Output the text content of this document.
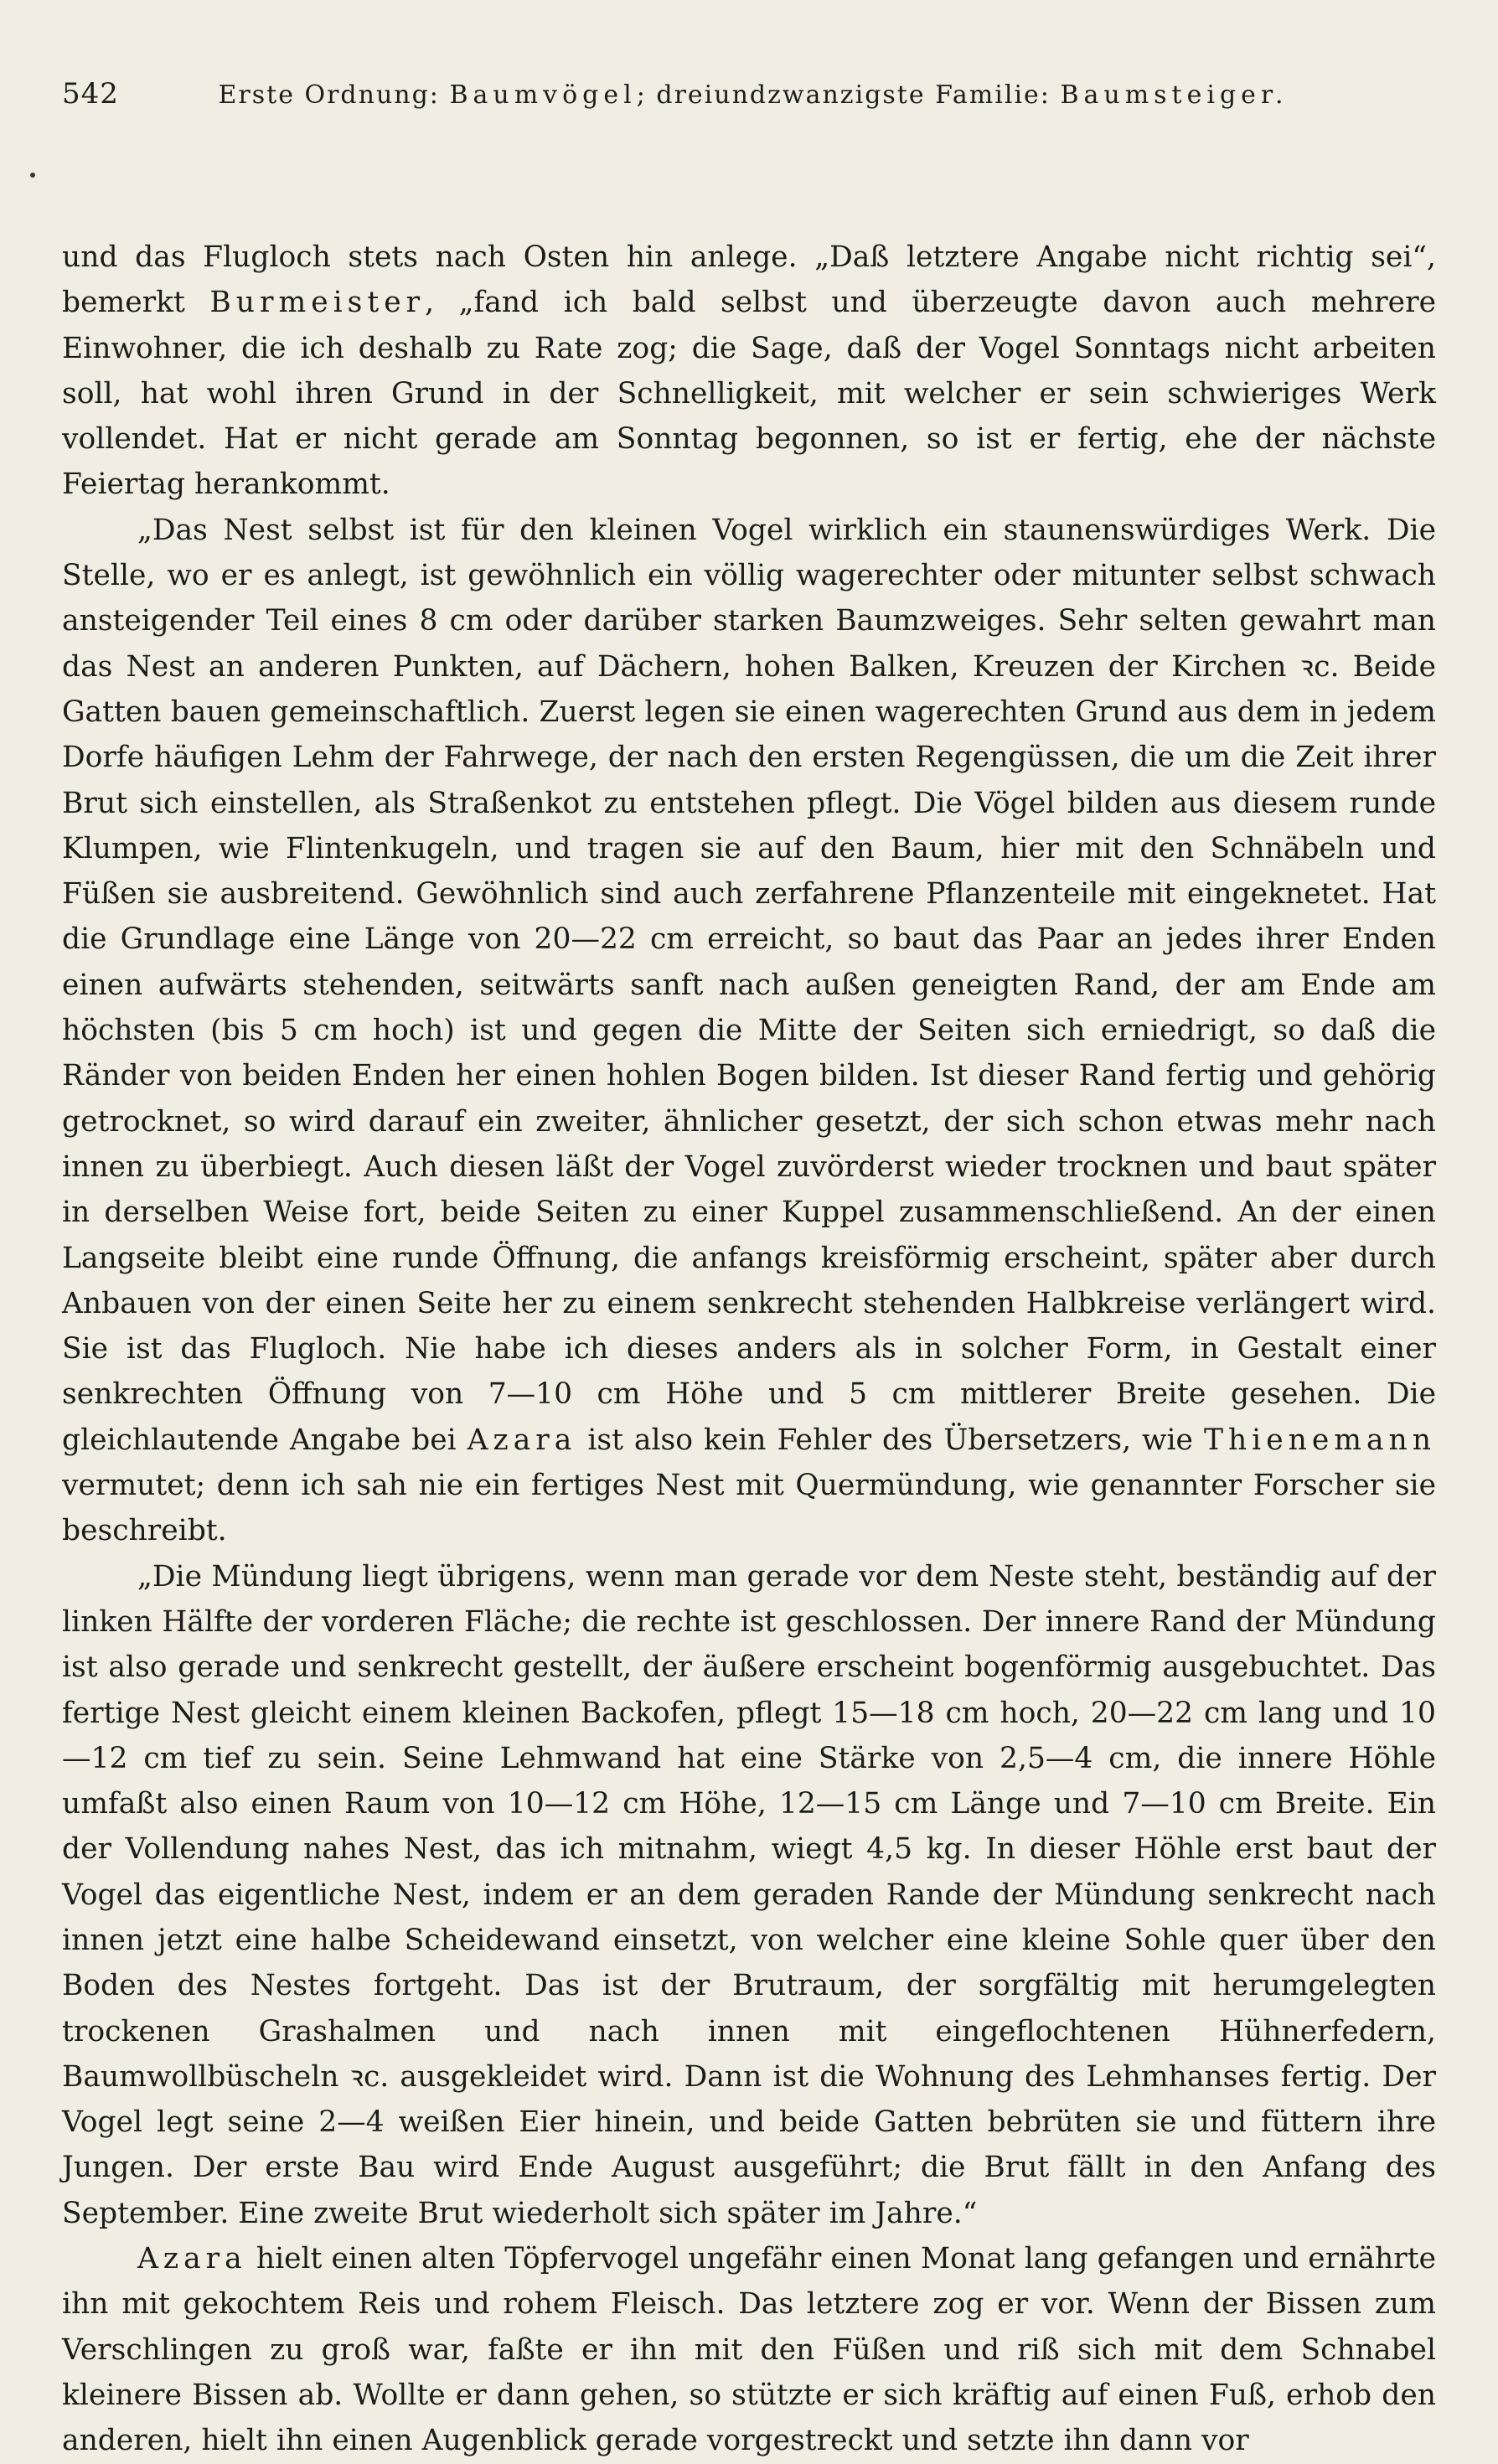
542	Erste Ordnung: Baumvögel; dreiundzwanzigste Familie: Baumsteiger.

und das Flugloch stets nach Osten hin anlege. „Daß letztere Angabe nicht richtig sei“, bemerkt Burmeister, „fand ich bald selbst und überzeugte davon auch mehrere Einwohner, die ich deshalb zu Rate zog; die Sage, daß der Vogel Sonntags nicht arbeiten soll, hat wohl ihren Grund in der Schnelligkeit, mit welcher er sein schwieriges Werk vollendet. Hat er nicht gerade am Sonntag begonnen, so ist er fertig, ehe der nächste Feiertag herankommt.

„Das Nest selbst ist für den kleinen Vogel wirklich ein staunenswürdiges Werk. Die Stelle, wo er es anlegt, ist gewöhnlich ein völlig wagerechter oder mitunter selbst schwach ansteigender Teil eines 8 cm oder darüber starken Baumzweiges. Sehr selten gewahrt man das Nest an anderen Punkten, auf Dächern, hohen Balken, Kreuzen der Kirchen ꝛc. Beide Gatten bauen gemeinschaftlich. Zuerst legen sie einen wagerechten Grund aus dem in jedem Dorfe häufigen Lehm der Fahrwege, der nach den ersten Regengüssen, die um die Zeit ihrer Brut sich einstellen, als Straßenkot zu entstehen pflegt. Die Vögel bilden aus diesem runde Klumpen, wie Flintenkugeln, und tragen sie auf den Baum, hier mit den Schnäbeln und Füßen sie ausbreitend. Gewöhnlich sind auch zerfahrene Pflanzenteile mit eingeknetet. Hat die Grundlage eine Länge von 20—22 cm erreicht, so baut das Paar an jedes ihrer Enden einen aufwärts stehenden, seitwärts sanft nach außen geneigten Rand, der am Ende am höchsten (bis 5 cm hoch) ist und gegen die Mitte der Seiten sich erniedrigt, so daß die Ränder von beiden Enden her einen hohlen Bogen bilden. Ist dieser Rand fertig und gehörig getrocknet, so wird darauf ein zweiter, ähnlicher gesetzt, der sich schon etwas mehr nach innen zu überbiegt. Auch diesen läßt der Vogel zuvörderst wieder trocknen und baut später in derselben Weise fort, beide Seiten zu einer Kuppel zusammenschließend. An der einen Langseite bleibt eine runde Öffnung, die anfangs kreisförmig erscheint, später aber durch Anbauen von der einen Seite her zu einem senkrecht stehenden Halbkreise verlängert wird. Sie ist das Flugloch. Nie habe ich dieses anders als in solcher Form, in Gestalt einer senkrechten Öffnung von 7—10 cm Höhe und 5 cm mittlerer Breite gesehen. Die gleichlautende Angabe bei Azara ist also kein Fehler des Übersetzers, wie Thienemann vermutet; denn ich sah nie ein fertiges Nest mit Quermündung, wie genannter Forscher sie beschreibt.

„Die Mündung liegt übrigens, wenn man gerade vor dem Neste steht, beständig auf der linken Hälfte der vorderen Fläche; die rechte ist geschlossen. Der innere Rand der Mündung ist also gerade und senkrecht gestellt, der äußere erscheint bogenförmig ausgebuchtet. Das fertige Nest gleicht einem kleinen Backofen, pflegt 15—18 cm hoch, 20—22 cm lang und 10—12 cm tief zu sein. Seine Lehmwand hat eine Stärke von 2,5—4 cm, die innere Höhle umfaßt also einen Raum von 10—12 cm Höhe, 12—15 cm Länge und 7—10 cm Breite. Ein der Vollendung nahes Nest, das ich mitnahm, wiegt 4,5 kg. In dieser Höhle erst baut der Vogel das eigentliche Nest, indem er an dem geraden Rande der Mündung senkrecht nach innen jetzt eine halbe Scheidewand einsetzt, von welcher eine kleine Sohle quer über den Boden des Nestes fortgeht. Das ist der Brutraum, der sorgfältig mit herumgelegten trockenen Grashalmen und nach innen mit eingeflochtenen Hühnerfedern, Baumwollbüscheln ꝛc. ausgekleidet wird. Dann ist die Wohnung des Lehmhanses fertig. Der Vogel legt seine 2—4 weißen Eier hinein, und beide Gatten bebrüten sie und füttern ihre Jungen. Der erste Bau wird Ende August ausgeführt; die Brut fällt in den Anfang des September. Eine zweite Brut wiederholt sich später im Jahre.“

Azara hielt einen alten Töpfervogel ungefähr einen Monat lang gefangen und ernährte ihn mit gekochtem Reis und rohem Fleisch. Das letztere zog er vor. Wenn der Bissen zum Verschlingen zu groß war, faßte er ihn mit den Füßen und riß sich mit dem Schnabel kleinere Bissen ab. Wollte er dann gehen, so stützte er sich kräftig auf einen Fuß, erhob den anderen, hielt ihn einen Augenblick gerade vorgestreckt und setzte ihn dann vor
